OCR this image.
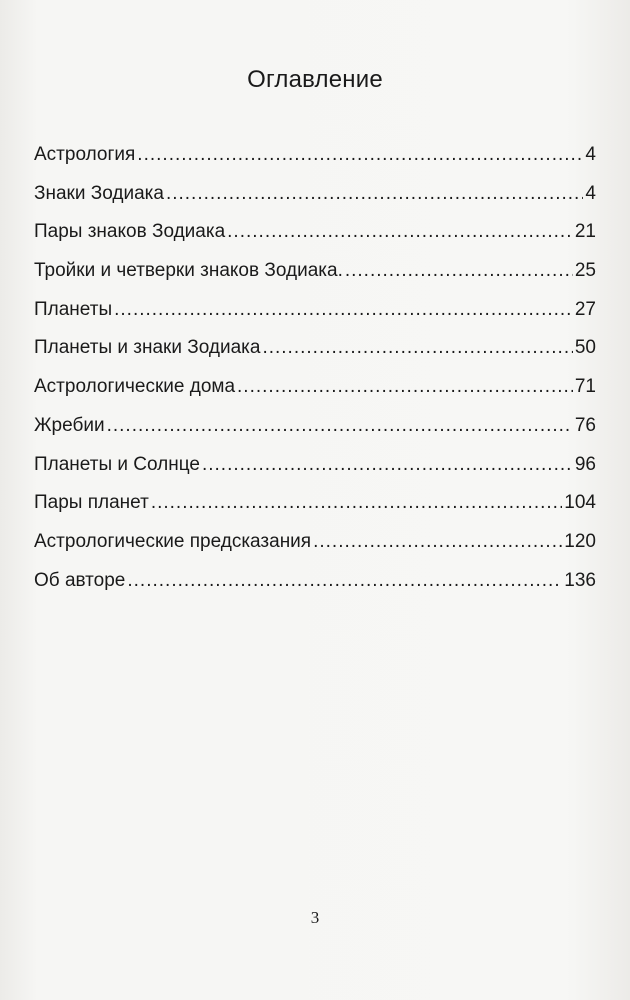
Оглавление
Астрология .....	4
Знаки Зодиака .....	4
Пары знаков Зодиака .....	21
Тройки и четверки знаков Зодиака. .....	25
Планеты .....	27
Планеты и знаки Зодиака .....	50
Астрологические дома .....	71
Жребии .....	76
Планеты и Солнце .....	96
Пары планет .....	104
Астрологические предсказания .....	120
Об авторе .....	136
3
